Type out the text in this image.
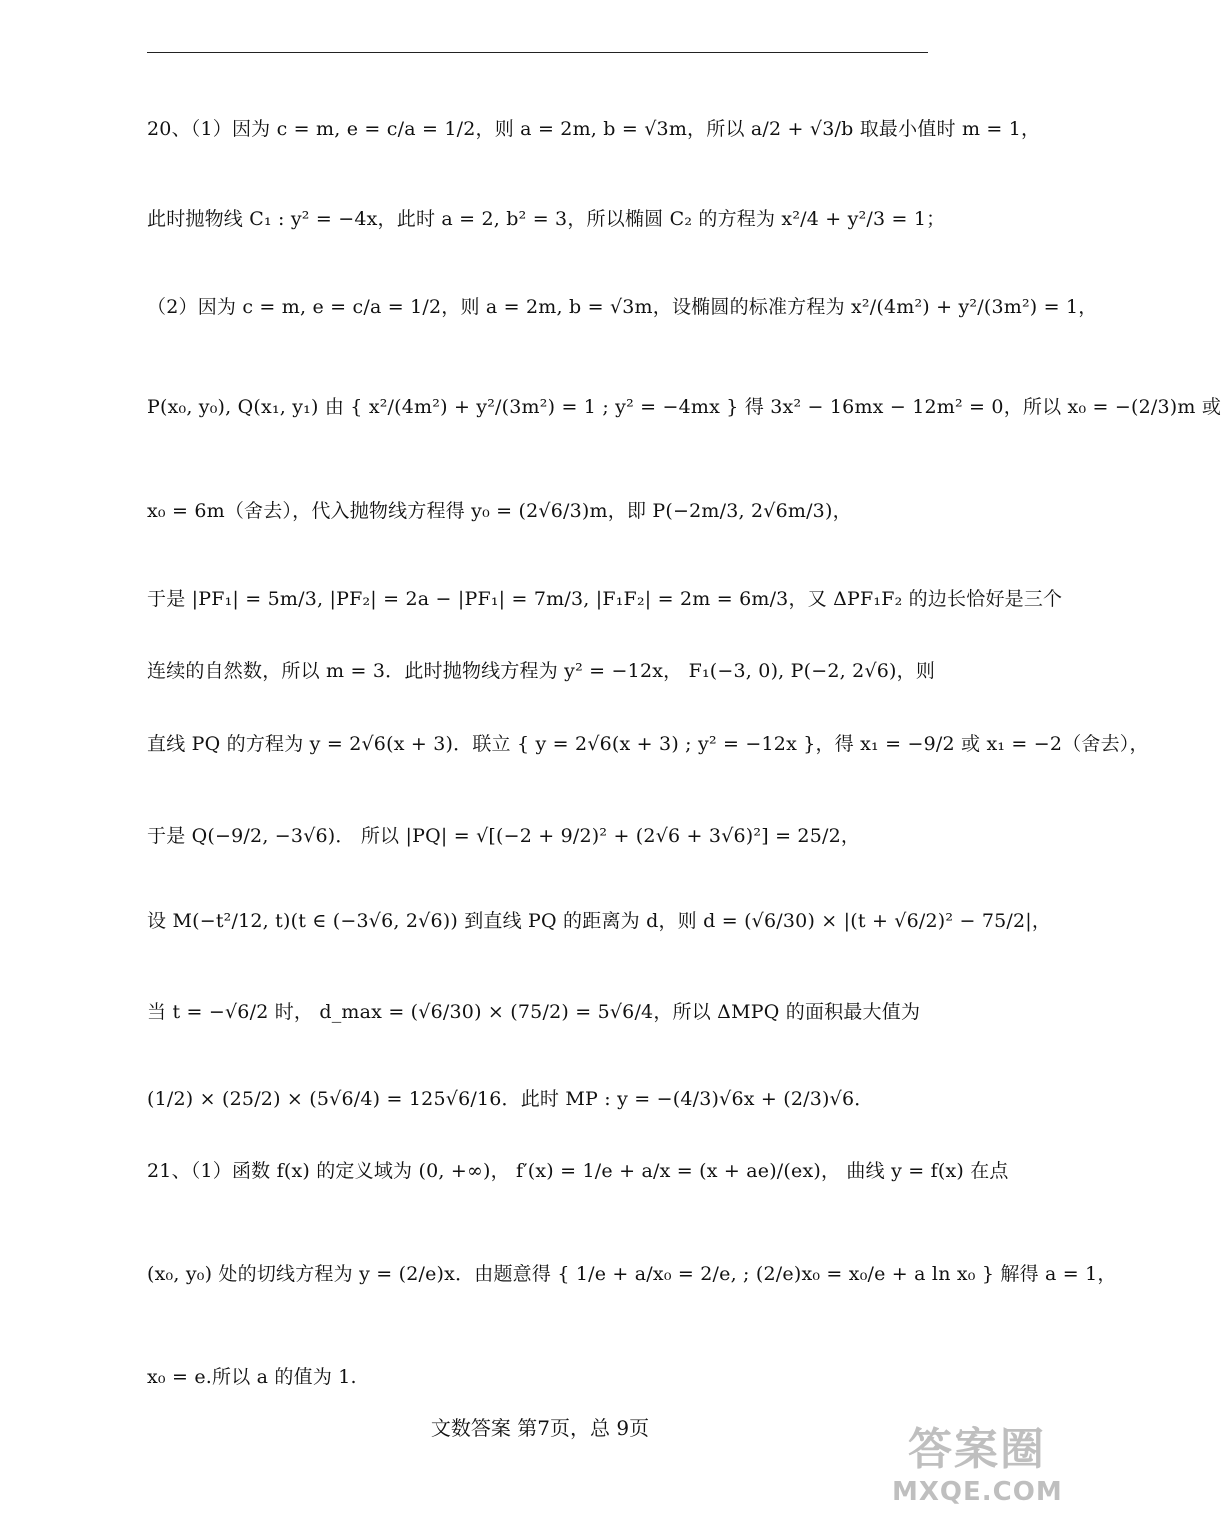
20、（1）因为 c = m, e = c/a = 1/2，则 a = 2m, b = √3m，所以 a/2 + √3/b 取最小值时 m = 1，
此时抛物线 C₁ : y² = −4x，此时 a = 2, b² = 3，所以椭圆 C₂ 的方程为 x²/4 + y²/3 = 1；
（2）因为 c = m, e = c/a = 1/2，则 a = 2m, b = √3m，设椭圆的标准方程为 x²/(4m²) + y²/(3m²) = 1，
P(x₀, y₀), Q(x₁, y₁) 由 { x²/(4m²) + y²/(3m²) = 1 ; y² = −4mx } 得 3x² − 16mx − 12m² = 0，所以 x₀ = −(2/3)m 或
x₀ = 6m（舍去），代入抛物线方程得 y₀ = (2√6/3)m，即 P(−2m/3, 2√6m/3)，
于是 |PF₁| = 5m/3, |PF₂| = 2a − |PF₁| = 7m/3, |F₁F₂| = 2m = 6m/3，又 ΔPF₁F₂ 的边长恰好是三个
连续的自然数，所以 m = 3．此时抛物线方程为 y² = −12x， F₁(−3, 0), P(−2, 2√6)，则
直线 PQ 的方程为 y = 2√6(x + 3)．联立 { y = 2√6(x + 3) ; y² = −12x }，得 x₁ = −9/2 或 x₁ = −2（舍去），
于是 Q(−9/2, −3√6)． 所以 |PQ| = √[(−2 + 9/2)² + (2√6 + 3√6)²] = 25/2，
设 M(−t²/12, t)(t ∈ (−3√6, 2√6)) 到直线 PQ 的距离为 d，则 d = (√6/30) × |(t + √6/2)² − 75/2|，
当 t = −√6/2 时， d_max = (√6/30) × (75/2) = 5√6/4，所以 ΔMPQ 的面积最大值为
(1/2) × (25/2) × (5√6/4) = 125√6/16．此时 MP : y = −(4/3)√6x + (2/3)√6．
21、（1）函数 f(x) 的定义域为 (0, +∞)， f′(x) = 1/e + a/x = (x + ae)/(ex)， 曲线 y = f(x) 在点
(x₀, y₀) 处的切线方程为 y = (2/e)x．由题意得 { 1/e + a/x₀ = 2/e, ; (2/e)x₀ = x₀/e + a ln x₀ } 解得 a = 1，
x₀ = e.所以 a 的值为 1.
文数答案 第7页，总 9页	答案圈
MXQE.COM
